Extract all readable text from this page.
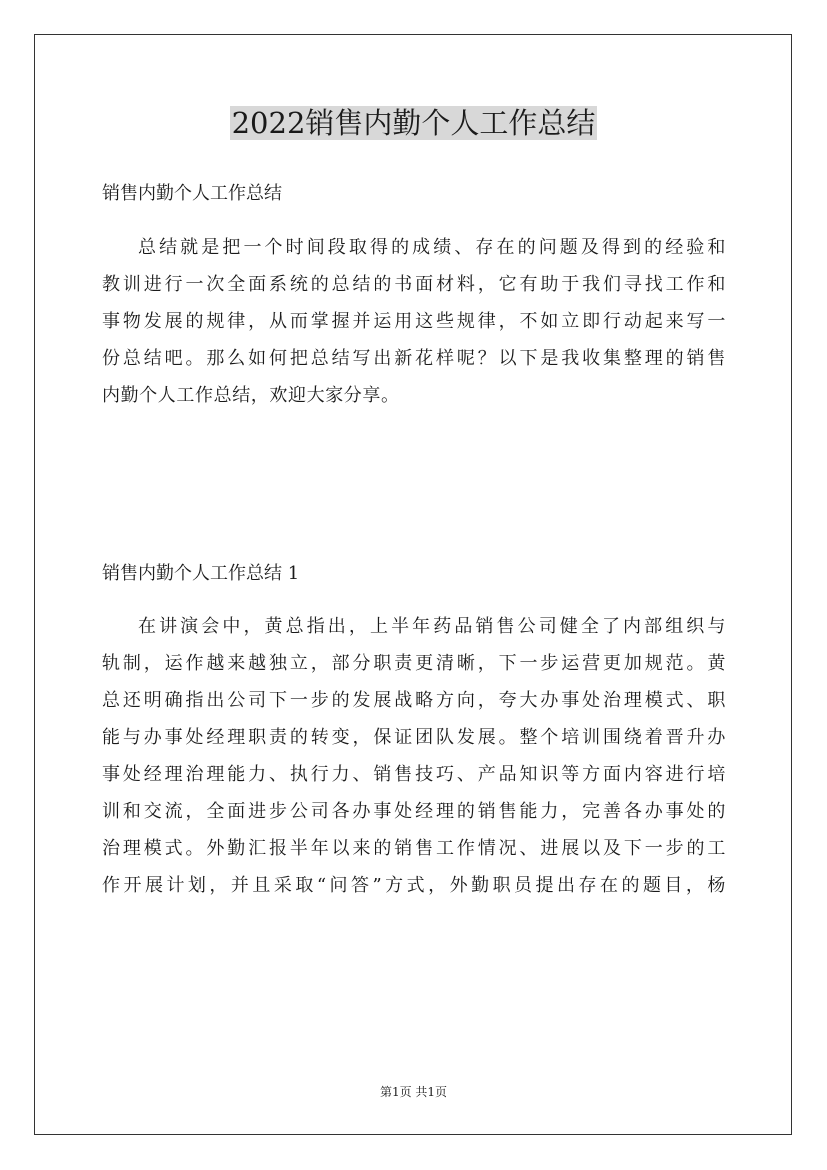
2022销售内勤个人工作总结
销售内勤个人工作总结
总结就是把一个时间段取得的成绩、存在的问题及得到的经验和
教训进行一次全面系统的总结的书面材料，它有助于我们寻找工作和
事物发展的规律，从而掌握并运用这些规律，不如立即行动起来写一
份总结吧。那么如何把总结写出新花样呢？以下是我收集整理的销售
内勤个人工作总结，欢迎大家分享。
销售内勤个人工作总结 1
在讲演会中，黄总指出，上半年药品销售公司健全了内部组织与
轨制，运作越来越独立，部分职责更清晰，下一步运营更加规范。黄
总还明确指出公司下一步的发展战略方向，夸大办事处治理模式、职
能与办事处经理职责的转变，保证团队发展。整个培训围绕着晋升办
事处经理治理能力、执行力、销售技巧、产品知识等方面内容进行培
训和交流，全面进步公司各办事处经理的销售能力，完善各办事处的
治理模式。外勤汇报半年以来的销售工作情况、进展以及下一步的工
作开展计划，并且采取“问答”方式，外勤职员提出存在的题目，杨
第1页 共1页
